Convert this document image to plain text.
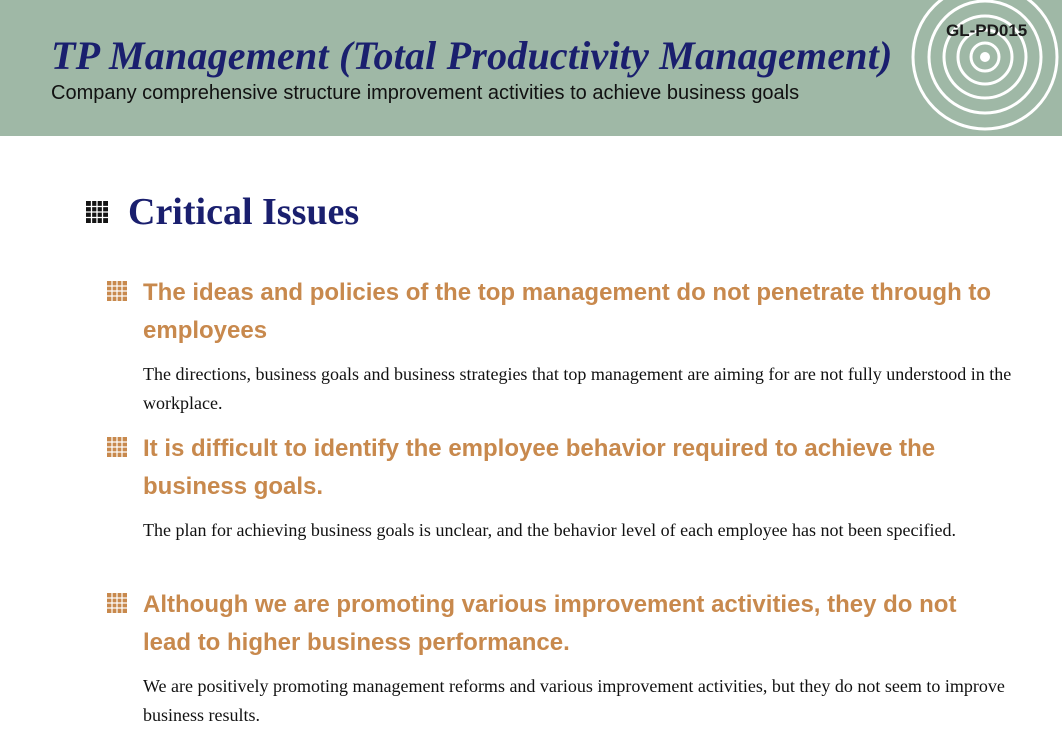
TP Management (Total Productivity Management)

Company comprehensive structure improvement activities to achieve business goals

GL-PD015
Critical Issues

The ideas and policies of the top management do not penetrate through to employees

The directions, business goals and business strategies that top management are aiming for are not fully understood in the workplace.

It is difficult to identify the employee behavior required to achieve the business goals.

The plan for achieving business goals is unclear, and the behavior level of each employee has not been specified.

Although we are promoting various improvement activities, they do not lead to higher business performance.

We are positively promoting management reforms and various improvement activities, but they do not seem to improve business results.
